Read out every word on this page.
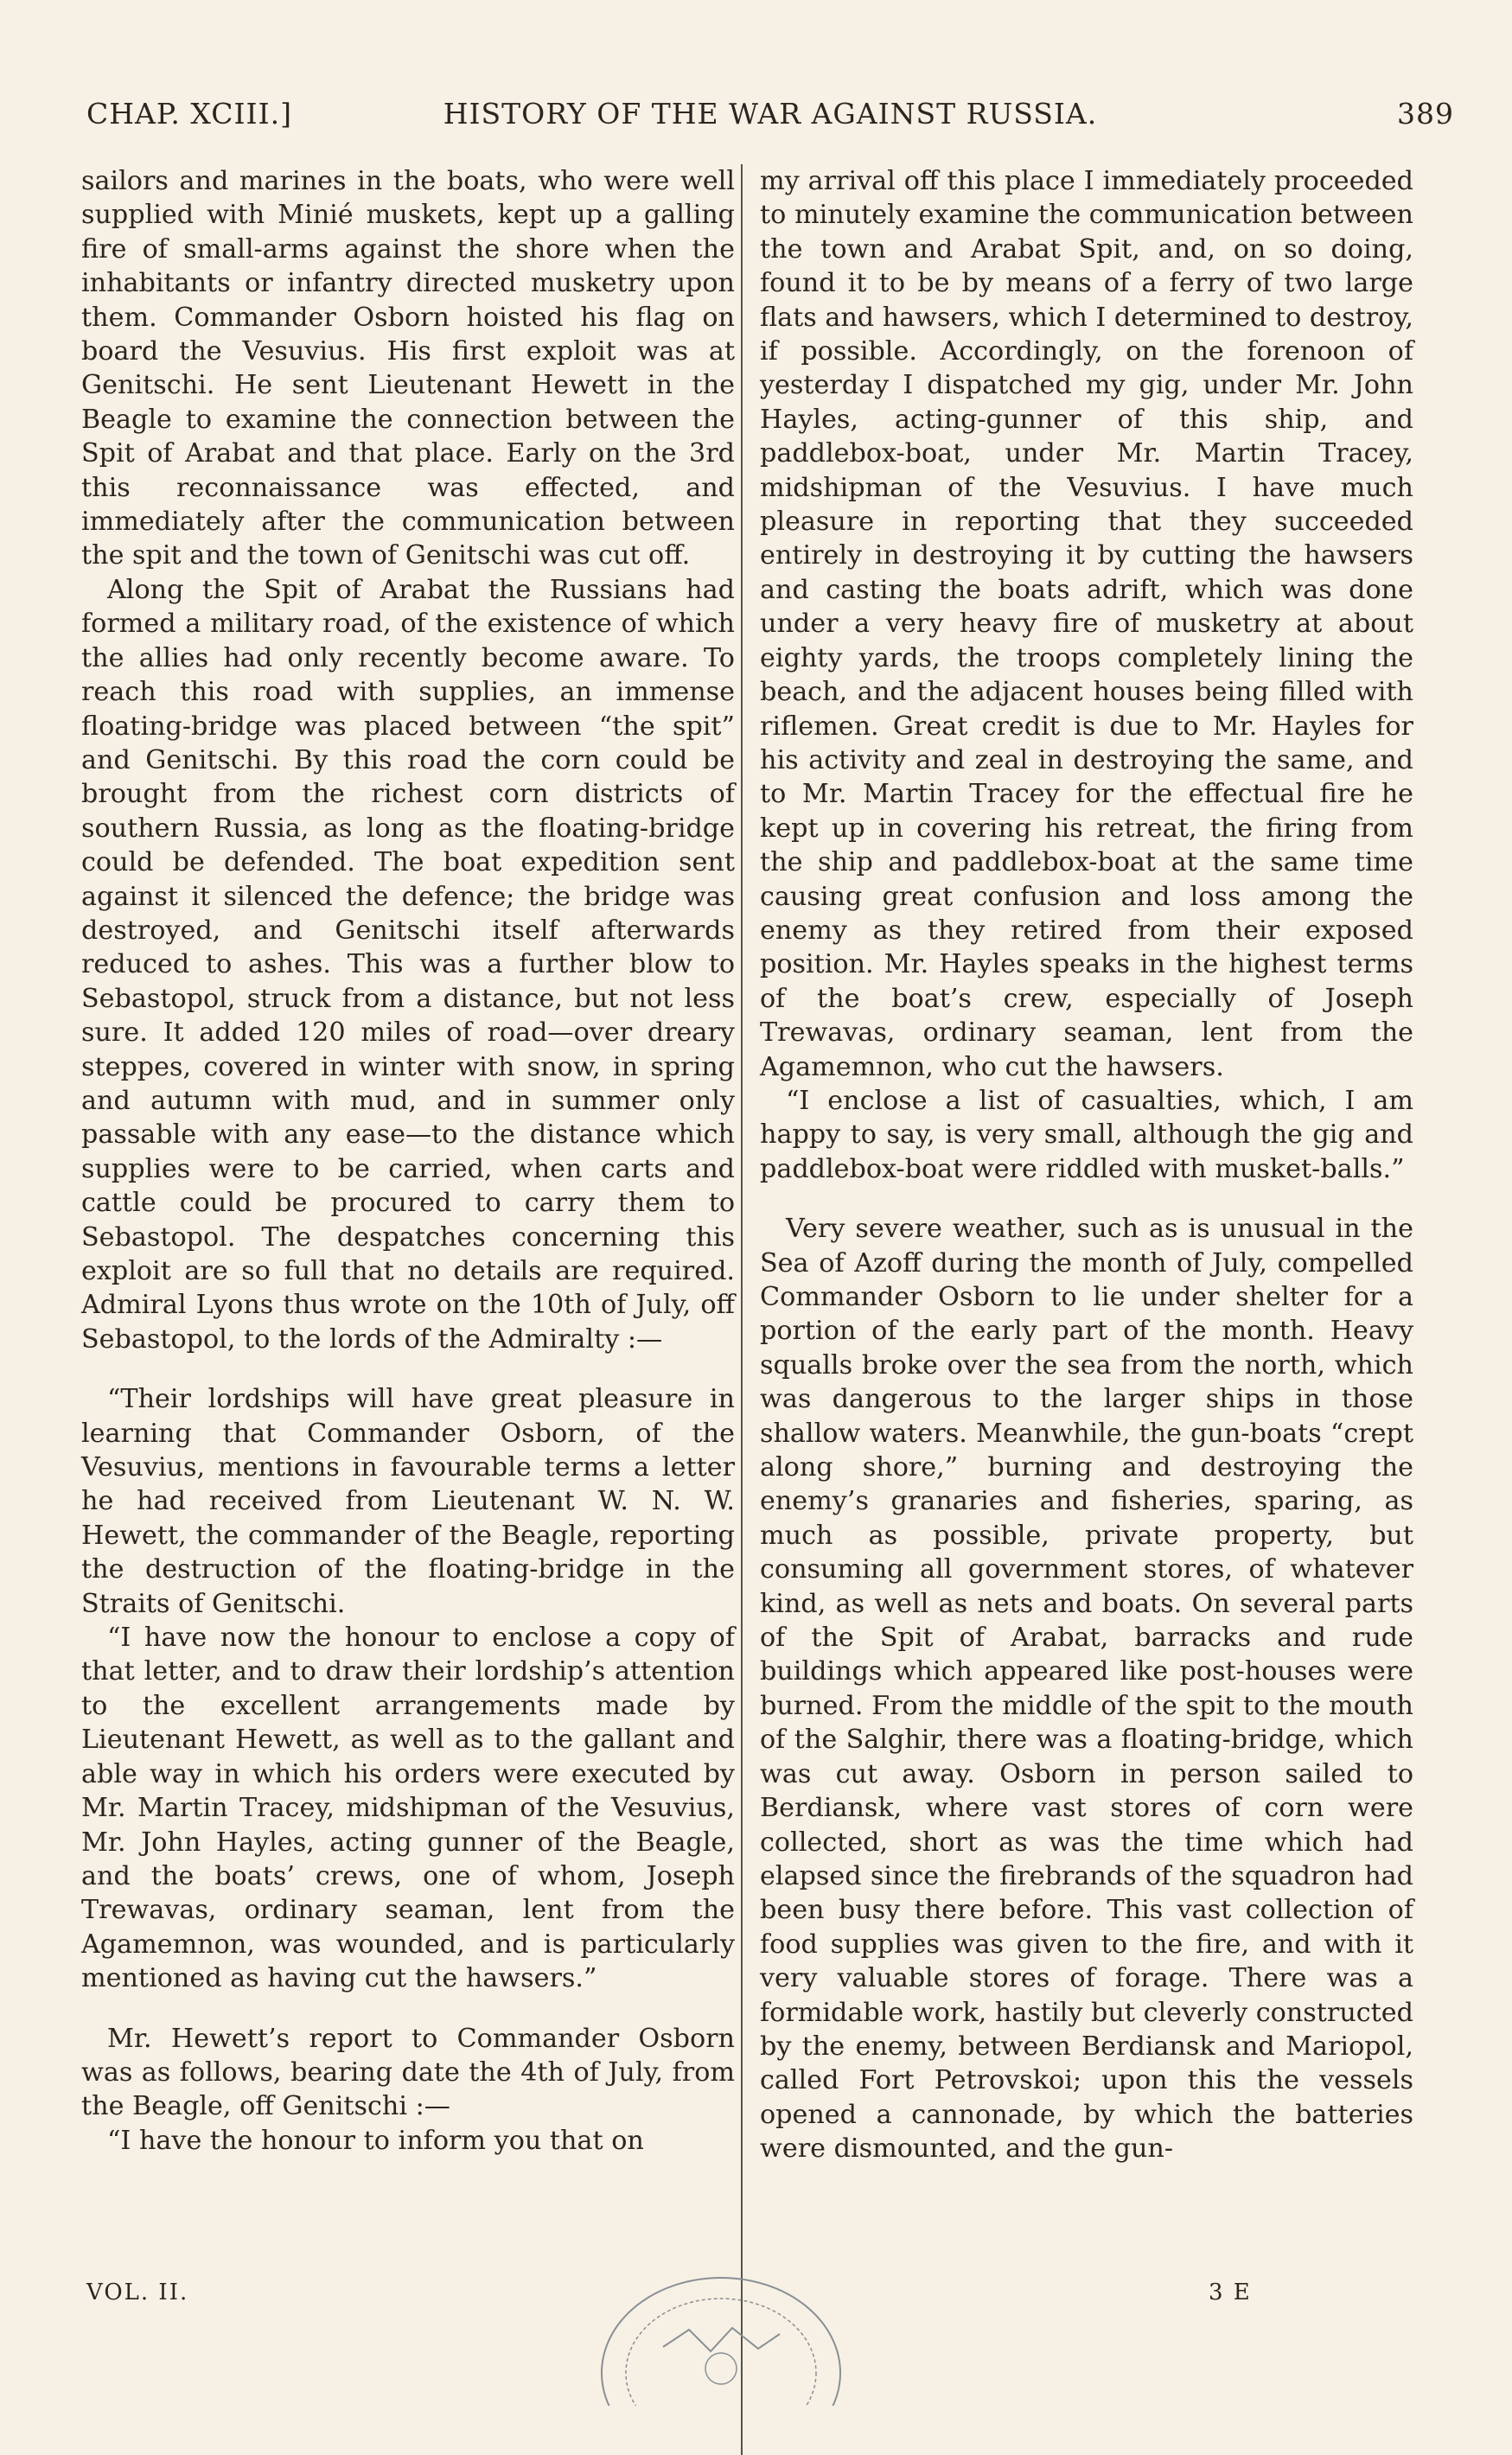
CHAP. XCIII.]	HISTORY OF THE WAR AGAINST RUSSIA.	389

sailors and marines in the boats, who were well supplied with Minié muskets, kept up a galling fire of small-arms against the shore when the inhabitants or infantry directed musketry upon them. Commander Osborn hoisted his flag on board the Vesuvius. His first exploit was at Genitschi. He sent Lieutenant Hewett in the Beagle to examine the connection between the Spit of Arabat and that place. Early on the 3rd this reconnaissance was effected, and immediately after the communication between the spit and the town of Genitschi was cut off.

Along the Spit of Arabat the Russians had formed a military road, of the existence of which the allies had only recently become aware. To reach this road with supplies, an immense floating-bridge was placed between “the spit” and Genitschi. By this road the corn could be brought from the richest corn districts of southern Russia, as long as the floating-bridge could be defended. The boat expedition sent against it silenced the defence; the bridge was destroyed, and Genitschi itself afterwards reduced to ashes. This was a further blow to Sebastopol, struck from a distance, but not less sure. It added 120 miles of road—over dreary steppes, covered in winter with snow, in spring and autumn with mud, and in summer only passable with any ease—to the distance which supplies were to be carried, when carts and cattle could be procured to carry them to Sebastopol. The despatches concerning this exploit are so full that no details are required. Admiral Lyons thus wrote on the 10th of July, off Sebastopol, to the lords of the Admiralty :—

“Their lordships will have great pleasure in learning that Commander Osborn, of the Vesuvius, mentions in favourable terms a letter he had received from Lieutenant W. N. W. Hewett, the commander of the Beagle, reporting the destruction of the floating-bridge in the Straits of Genitschi.

“I have now the honour to enclose a copy of that letter, and to draw their lordship’s attention to the excellent arrangements made by Lieutenant Hewett, as well as to the gallant and able way in which his orders were executed by Mr. Martin Tracey, midshipman of the Vesuvius, Mr. John Hayles, acting gunner of the Beagle, and the boats’ crews, one of whom, Joseph Trewavas, ordinary seaman, lent from the Agamemnon, was wounded, and is particularly mentioned as having cut the hawsers.”

Mr. Hewett’s report to Commander Osborn was as follows, bearing date the 4th of July, from the Beagle, off Genitschi :—

“I have the honour to inform you that on

my arrival off this place I immediately proceeded to minutely examine the communication between the town and Arabat Spit, and, on so doing, found it to be by means of a ferry of two large flats and hawsers, which I determined to destroy, if possible. Accordingly, on the forenoon of yesterday I dispatched my gig, under Mr. John Hayles, acting-gunner of this ship, and paddlebox-boat, under Mr. Martin Tracey, midshipman of the Vesuvius. I have much pleasure in reporting that they succeeded entirely in destroying it by cutting the hawsers and casting the boats adrift, which was done under a very heavy fire of musketry at about eighty yards, the troops completely lining the beach, and the adjacent houses being filled with riflemen. Great credit is due to Mr. Hayles for his activity and zeal in destroying the same, and to Mr. Martin Tracey for the effectual fire he kept up in covering his retreat, the firing from the ship and paddlebox-boat at the same time causing great confusion and loss among the enemy as they retired from their exposed position. Mr. Hayles speaks in the highest terms of the boat’s crew, especially of Joseph Trewavas, ordinary seaman, lent from the Agamemnon, who cut the hawsers.

“I enclose a list of casualties, which, I am happy to say, is very small, although the gig and paddlebox-boat were riddled with musket-balls.”

Very severe weather, such as is unusual in the Sea of Azoff during the month of July, compelled Commander Osborn to lie under shelter for a portion of the early part of the month. Heavy squalls broke over the sea from the north, which was dangerous to the larger ships in those shallow waters. Meanwhile, the gun-boats “crept along shore,” burning and destroying the enemy’s granaries and fisheries, sparing, as much as possible, private property, but consuming all government stores, of whatever kind, as well as nets and boats. On several parts of the Spit of Arabat, barracks and rude buildings which appeared like post-houses were burned. From the middle of the spit to the mouth of the Salghir, there was a floating-bridge, which was cut away. Osborn in person sailed to Berdiansk, where vast stores of corn were collected, short as was the time which had elapsed since the firebrands of the squadron had been busy there before. This vast collection of food supplies was given to the fire, and with it very valuable stores of forage. There was a formidable work, hastily but cleverly constructed by the enemy, between Berdiansk and Mariopol, called Fort Petrovskoi; upon this the vessels opened a cannonade, by which the batteries were dismounted, and the gun-

VOL. II.	3 E
